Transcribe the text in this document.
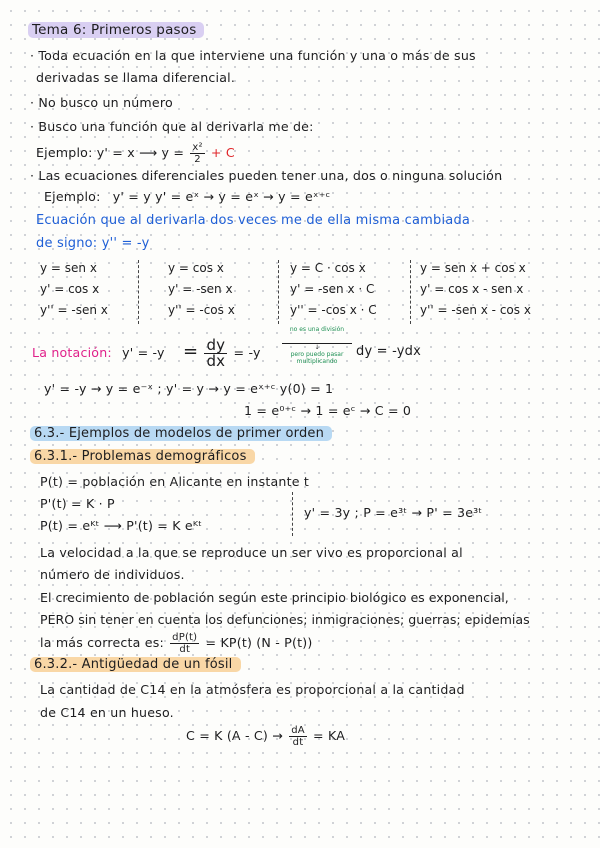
Tema 6: Primeros pasos
· Toda ecuación en la que interviene una función y una o más de sus
derivadas se llama diferencial.
· No busco un número
· Busco una función que al derivarla me de:
Ejemplo: y' = x ⟶ $y = \frac{\text{x²}}{2} + C$
· Las ecuaciones diferenciales pueden tener una, dos o ninguna solución
Ejemplo: y' = y y' = eˣ → y = eˣ → y = eˣ⁺ᶜ
Ecuación que al derivarla dos veces me de ella misma cambiada
de signo: y'' = -y
y = sen x
y' = cos x
y'' = -sen x
y = cos x
y' = -sen x
y'' = -cos x
y = C · cos x
y' = -sen x · C
y'' = -cos x · C
y = sen x + cos x
y' = cos x - sen x
y'' = -sen x - cos x
La notación: $y' = -y = \frac{dy}{dx} = -y$
no es una división
↓
pero puedo pasar
multiplicando
dy = -ydx
y' = -y → y = e⁻ˣ ; y' = y → y = eˣ⁺ᶜ y(0) = 1
1 = e⁰⁺ᶜ → 1 = eᶜ → C = 0
6.3.- Ejemplos de modelos de primer orden
6.3.1.- Problemas demográficos
P(t) = población en Alicante en instante t
P'(t) = K · P
P(t) = eᴷᵗ ⟶ P'(t) = K eᴷᵗ
y' = 3y ; P = e³ᵗ → P' = 3e³ᵗ
La velocidad a la que se reproduce un ser vivo es proporcional al
número de individuos.
El crecimiento de población según este principio biológico es exponencial,
PERO sin tener en cuenta los defunciones; inmigraciones; guerras; epidemias
la más correcta es: $\frac{dP(t)}{dt} = KP(t)$ (N - P(t))
6.3.2.- Antigüedad de un fósil
La cantidad de C14 en la atmósfera es proporcional a la cantidad
de C14 en un hueso.
C = K $(A - C) \to \frac{dA}{dt}$ = KA
